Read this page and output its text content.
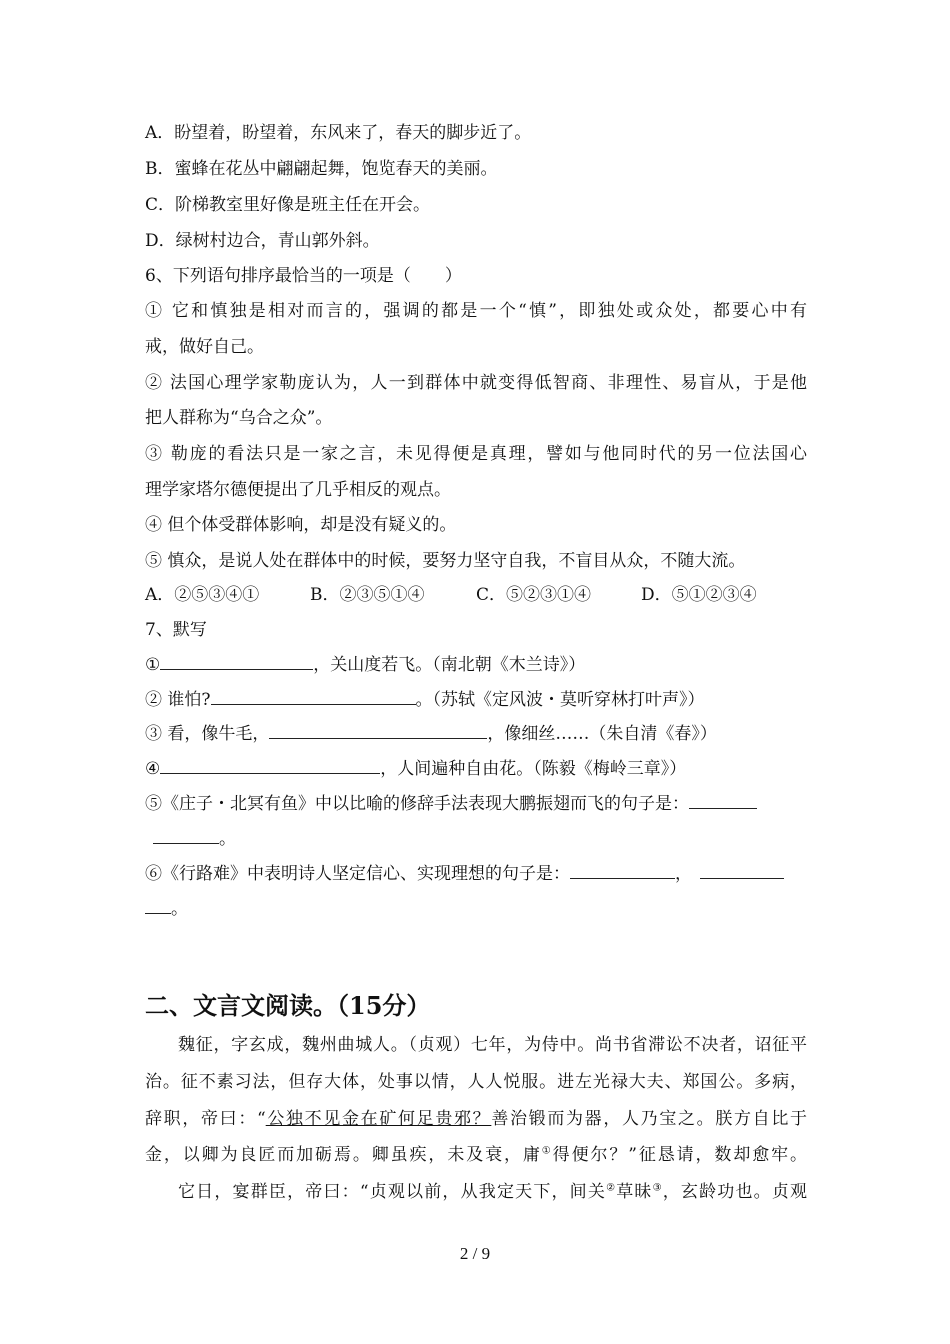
A．盼望着，盼望着，东风来了，春天的脚步近了。
B．蜜蜂在花丛中翩翩起舞，饱览春天的美丽。
C．阶梯教室里好像是班主任在开会。
D．绿树村边合，青山郭外斜。
6、下列语句排序最恰当的一项是（　　）
① 它和慎独是相对而言的，强调的都是一个“慎”，即独处或众处，都要心中有
戒，做好自己。
② 法国心理学家勒庞认为，人一到群体中就变得低智商、非理性、易盲从，于是他
把人群称为“乌合之众”。
③ 勒庞的看法只是一家之言，未见得便是真理，譬如与他同时代的另一位法国心
理学家塔尔德便提出了几乎相反的观点。
④ 但个体受群体影响，却是没有疑义的。
⑤ 慎众，是说人处在群体中的时候，要努力坚守自我，不盲目从众，不随大流。
A．②⑤③④①	B．②③⑤①④	C．⑤②③①④	D．⑤①②③④
7、默写
①	，关山度若飞。（南北朝《木兰诗》）
② 谁怕?	。（苏轼《定风波・莫听穿林打叶声》）
③ 看，像牛毛，	，像细丝……（朱自清《春》）
④	，人间遍种自由花。（陈毅《梅岭三章》）
⑤《庄子・北冥有鱼》中以比喻的修辞手法表现大鹏振翅而飞的句子是：
。
⑥《行路难》中表明诗人坚定信心、实现理想的句子是：	，
。
二、文言文阅读。（15分）
魏征，字玄成，魏州曲城人。（贞观）七年，为侍中。尚书省滞讼不决者，诏征平
治。征不素习法，但存大体，处事以情，人人悦服。进左光禄大夫、郑国公。多病，
辞职，帝曰：“公独不见金在矿何足贵邪？善治锻而为器，人乃宝之。朕方自比于
金，以卿为良匠而加砺焉。卿虽疾，未及衰，庸①得便尔？”征恳请，数却愈牢。
它日，宴群臣，帝曰：“贞观以前，从我定天下，间关②草昧③，玄龄功也。贞观
2 / 9
